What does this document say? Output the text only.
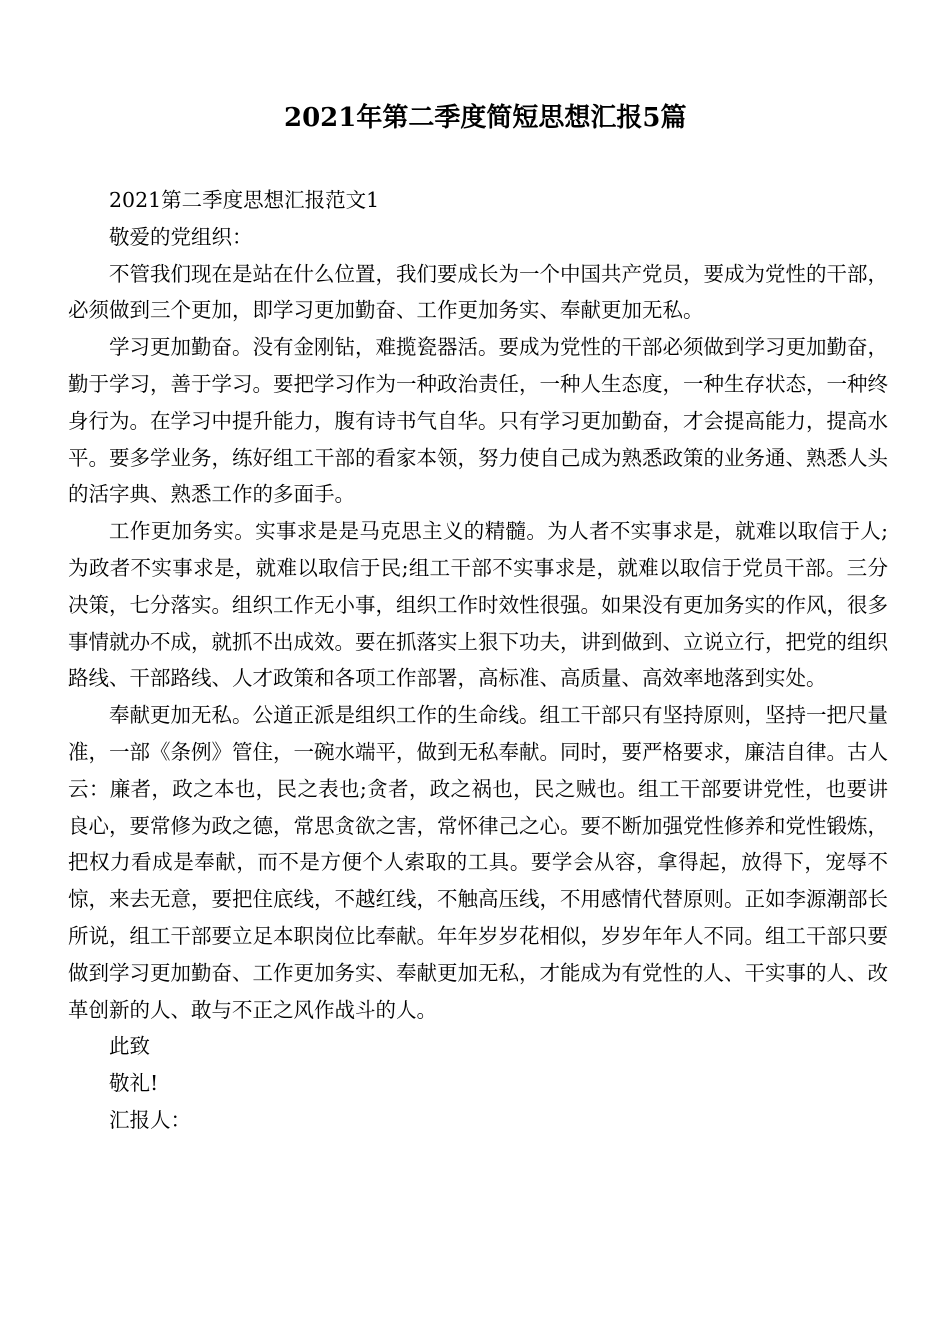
2021年第二季度简短思想汇报5篇

2021第二季度思想汇报范文1

敬爱的党组织：

不管我们现在是站在什么位置，我们要成长为一个中国共产党员，要成为党性的干部，必须做到三个更加，即学习更加勤奋、工作更加务实、奉献更加无私。

学习更加勤奋。没有金刚钻，难揽瓷器活。要成为党性的干部必须做到学习更加勤奋，勤于学习，善于学习。要把学习作为一种政治责任，一种人生态度，一种生存状态，一种终身行为。在学习中提升能力，腹有诗书气自华。只有学习更加勤奋，才会提高能力，提高水平。要多学业务，练好组工干部的看家本领，努力使自己成为熟悉政策的业务通、熟悉人头的活字典、熟悉工作的多面手。

工作更加务实。实事求是是马克思主义的精髓。为人者不实事求是，就难以取信于人;为政者不实事求是，就难以取信于民;组工干部不实事求是，就难以取信于党员干部。三分决策，七分落实。组织工作无小事，组织工作时效性很强。如果没有更加务实的作风，很多事情就办不成，就抓不出成效。要在抓落实上狠下功夫，讲到做到、立说立行，把党的组织路线、干部路线、人才政策和各项工作部署，高标准、高质量、高效率地落到实处。

奉献更加无私。公道正派是组织工作的生命线。组工干部只有坚持原则，坚持一把尺量准，一部《条例》管住，一碗水端平，做到无私奉献。同时，要严格要求，廉洁自律。古人云：廉者，政之本也，民之表也;贪者，政之祸也，民之贼也。组工干部要讲党性，也要讲良心，要常修为政之德，常思贪欲之害，常怀律己之心。要不断加强党性修养和党性锻炼，把权力看成是奉献，而不是方便个人索取的工具。要学会从容，拿得起，放得下，宠辱不惊，来去无意，要把住底线，不越红线，不触高压线，不用感情代替原则。正如李源潮部长所说，组工干部要立足本职岗位比奉献。年年岁岁花相似，岁岁年年人不同。组工干部只要做到学习更加勤奋、工作更加务实、奉献更加无私，才能成为有党性的人、干实事的人、改革创新的人、敢与不正之风作战斗的人。

此致

敬礼!

汇报人：
